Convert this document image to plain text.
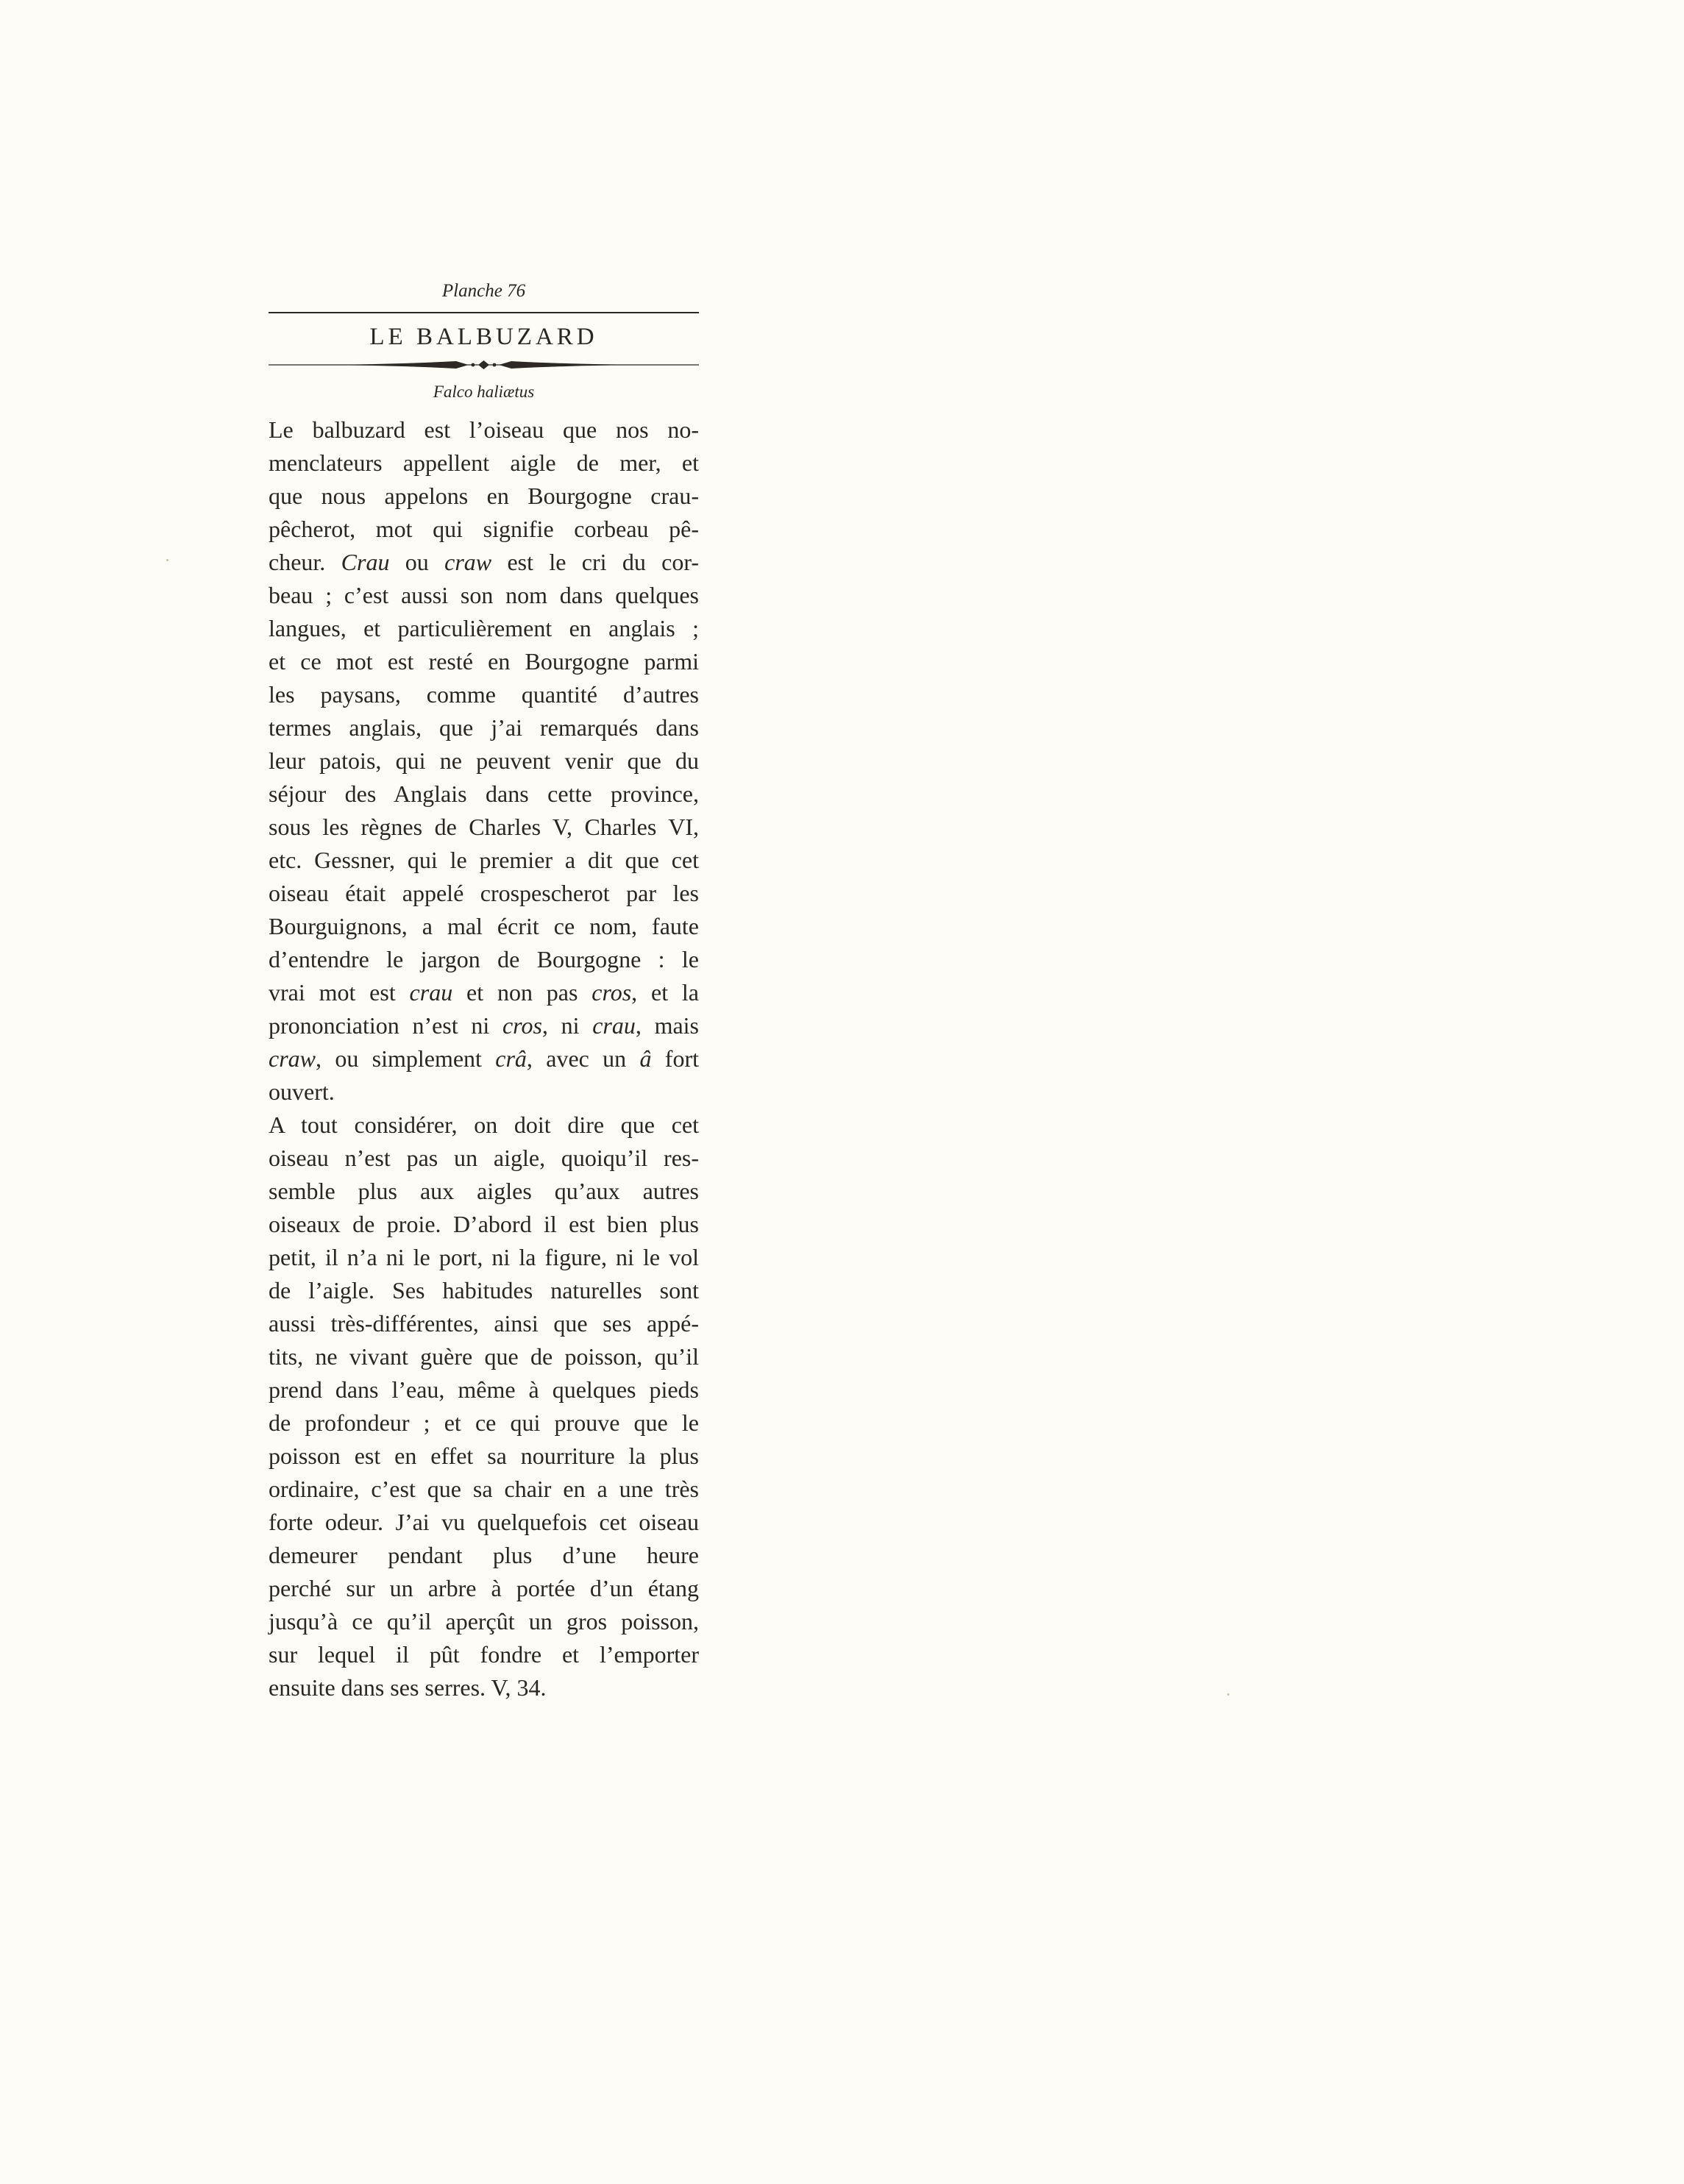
Planche 76

LE BALBUZARD

Falco haliætus

Le balbuzard est l’oiseau que nos no-
menclateurs appellent aigle de mer, et
que nous appelons en Bourgogne crau-
pêcherot, mot qui signifie corbeau pê-
cheur. Crau ou craw est le cri du cor-
beau ; c’est aussi son nom dans quelques
langues, et particulièrement en anglais ;
et ce mot est resté en Bourgogne parmi
les paysans, comme quantité d’autres
termes anglais, que j’ai remarqués dans
leur patois, qui ne peuvent venir que du
séjour des Anglais dans cette province,
sous les règnes de Charles V, Charles VI,
etc. Gessner, qui le premier a dit que cet
oiseau était appelé crospescherot par les
Bourguignons, a mal écrit ce nom, faute
d’entendre le jargon de Bourgogne : le
vrai mot est crau et non pas cros, et la
prononciation n’est ni cros, ni crau, mais
craw, ou simplement crâ, avec un â fort
ouvert.
A tout considérer, on doit dire que cet
oiseau n’est pas un aigle, quoiqu’il res-
semble plus aux aigles qu’aux autres
oiseaux de proie. D’abord il est bien plus
petit, il n’a ni le port, ni la figure, ni le vol
de l’aigle. Ses habitudes naturelles sont
aussi très-différentes, ainsi que ses appé-
tits, ne vivant guère que de poisson, qu’il
prend dans l’eau, même à quelques pieds
de profondeur ; et ce qui prouve que le
poisson est en effet sa nourriture la plus
ordinaire, c’est que sa chair en a une très
forte odeur. J’ai vu quelquefois cet oiseau
demeurer pendant plus d’une heure
perché sur un arbre à portée d’un étang
jusqu’à ce qu’il aperçût un gros poisson,
sur lequel il pût fondre et l’emporter
ensuite dans ses serres. V, 34.
